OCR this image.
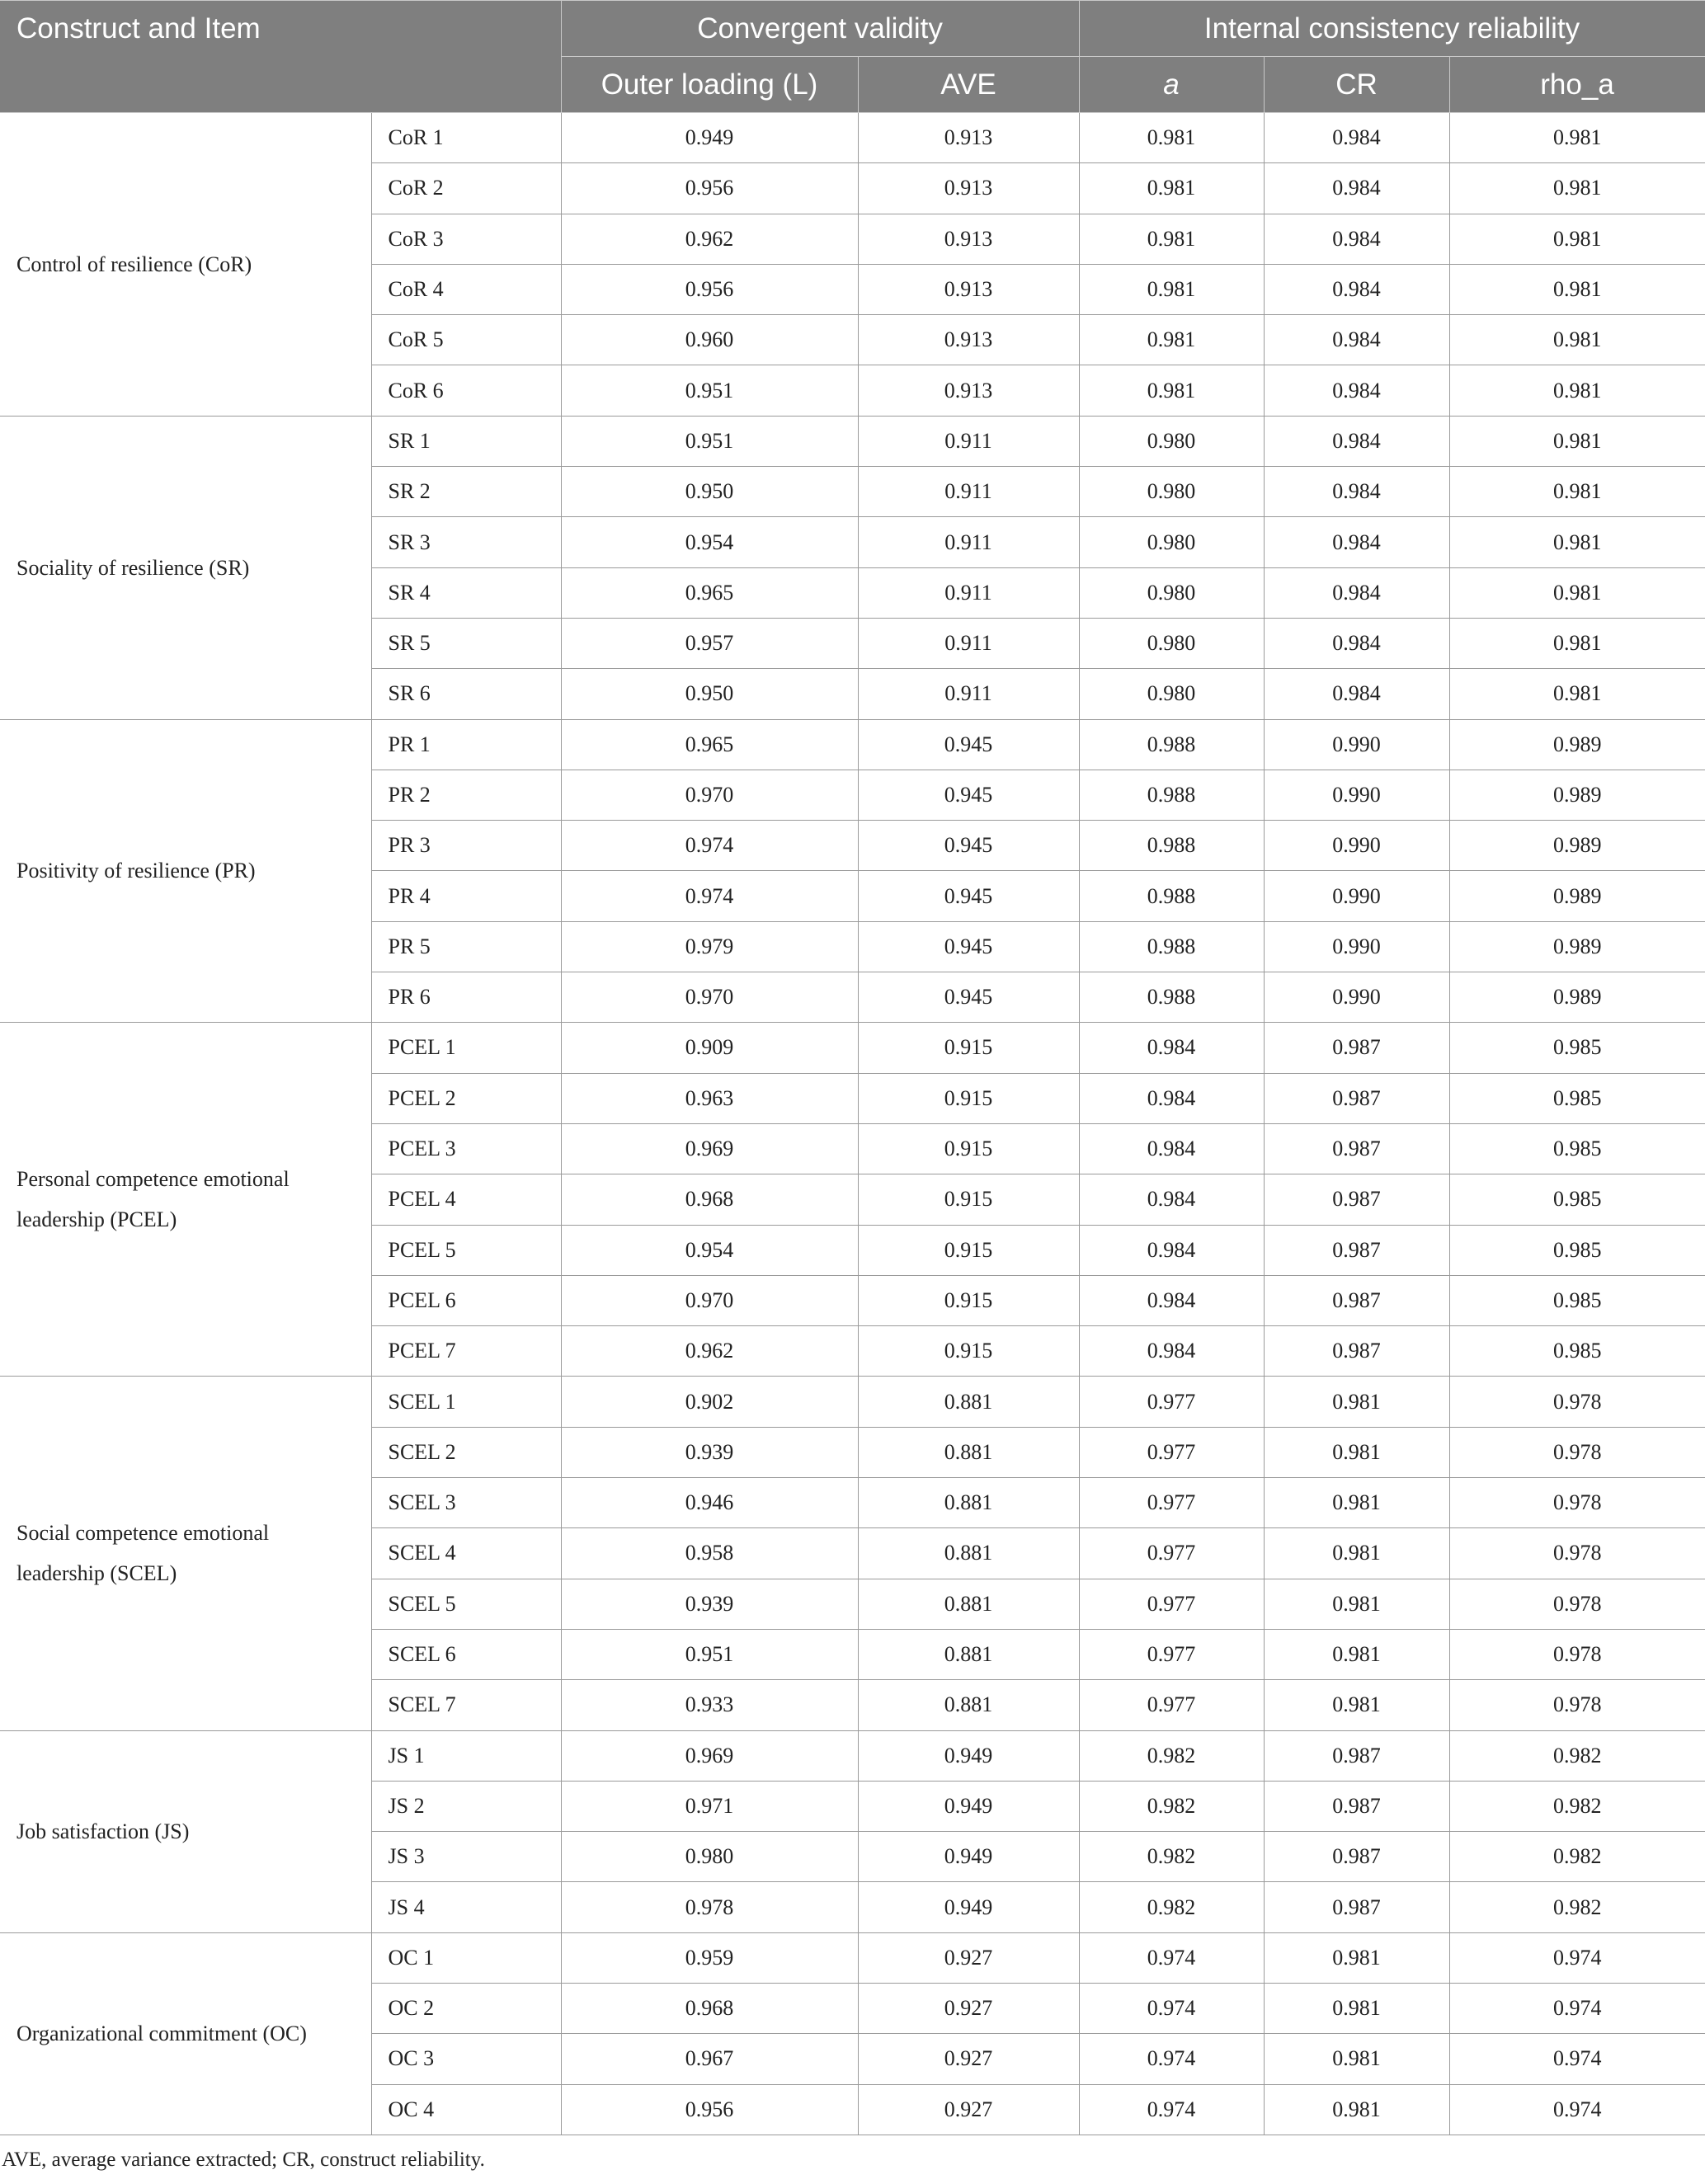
Construct and Item		Convergent validity		Internal consistency reliability		
		Outer loading (L)	AVE	a	CR	rho_a
Control of resilience (CoR)	CoR 1	0.949	0.913	0.981	0.984	0.981
	CoR 2	0.956	0.913	0.981	0.984	0.981
	CoR 3	0.962	0.913	0.981	0.984	0.981
	CoR 4	0.956	0.913	0.981	0.984	0.981
	CoR 5	0.960	0.913	0.981	0.984	0.981
	CoR 6	0.951	0.913	0.981	0.984	0.981
Sociality of resilience (SR)	SR 1	0.951	0.911	0.980	0.984	0.981
	SR 2	0.950	0.911	0.980	0.984	0.981
	SR 3	0.954	0.911	0.980	0.984	0.981
	SR 4	0.965	0.911	0.980	0.984	0.981
	SR 5	0.957	0.911	0.980	0.984	0.981
	SR 6	0.950	0.911	0.980	0.984	0.981
Positivity of resilience (PR)	PR 1	0.965	0.945	0.988	0.990	0.989
	PR 2	0.970	0.945	0.988	0.990	0.989
	PR 3	0.974	0.945	0.988	0.990	0.989
	PR 4	0.974	0.945	0.988	0.990	0.989
	PR 5	0.979	0.945	0.988	0.990	0.989
	PR 6	0.970	0.945	0.988	0.990	0.989
Personal competence emotional leadership (PCEL)	PCEL 1	0.909	0.915	0.984	0.987	0.985
	PCEL 2	0.963	0.915	0.984	0.987	0.985
	PCEL 3	0.969	0.915	0.984	0.987	0.985
	PCEL 4	0.968	0.915	0.984	0.987	0.985
	PCEL 5	0.954	0.915	0.984	0.987	0.985
	PCEL 6	0.970	0.915	0.984	0.987	0.985
	PCEL 7	0.962	0.915	0.984	0.987	0.985
Social competence emotional leadership (SCEL)	SCEL 1	0.902	0.881	0.977	0.981	0.978
	SCEL 2	0.939	0.881	0.977	0.981	0.978
	SCEL 3	0.946	0.881	0.977	0.981	0.978
	SCEL 4	0.958	0.881	0.977	0.981	0.978
	SCEL 5	0.939	0.881	0.977	0.981	0.978
	SCEL 6	0.951	0.881	0.977	0.981	0.978
	SCEL 7	0.933	0.881	0.977	0.981	0.978
Job satisfaction (JS)	JS 1	0.969	0.949	0.982	0.987	0.982
	JS 2	0.971	0.949	0.982	0.987	0.982
	JS 3	0.980	0.949	0.982	0.987	0.982
	JS 4	0.978	0.949	0.982	0.987	0.982
Organizational commitment (OC)	OC 1	0.959	0.927	0.974	0.981	0.974
	OC 2	0.968	0.927	0.974	0.981	0.974
	OC 3	0.967	0.927	0.974	0.981	0.974
	OC 4	0.956	0.927	0.974	0.981	0.974
AVE, average variance extracted; CR, construct reliability.
